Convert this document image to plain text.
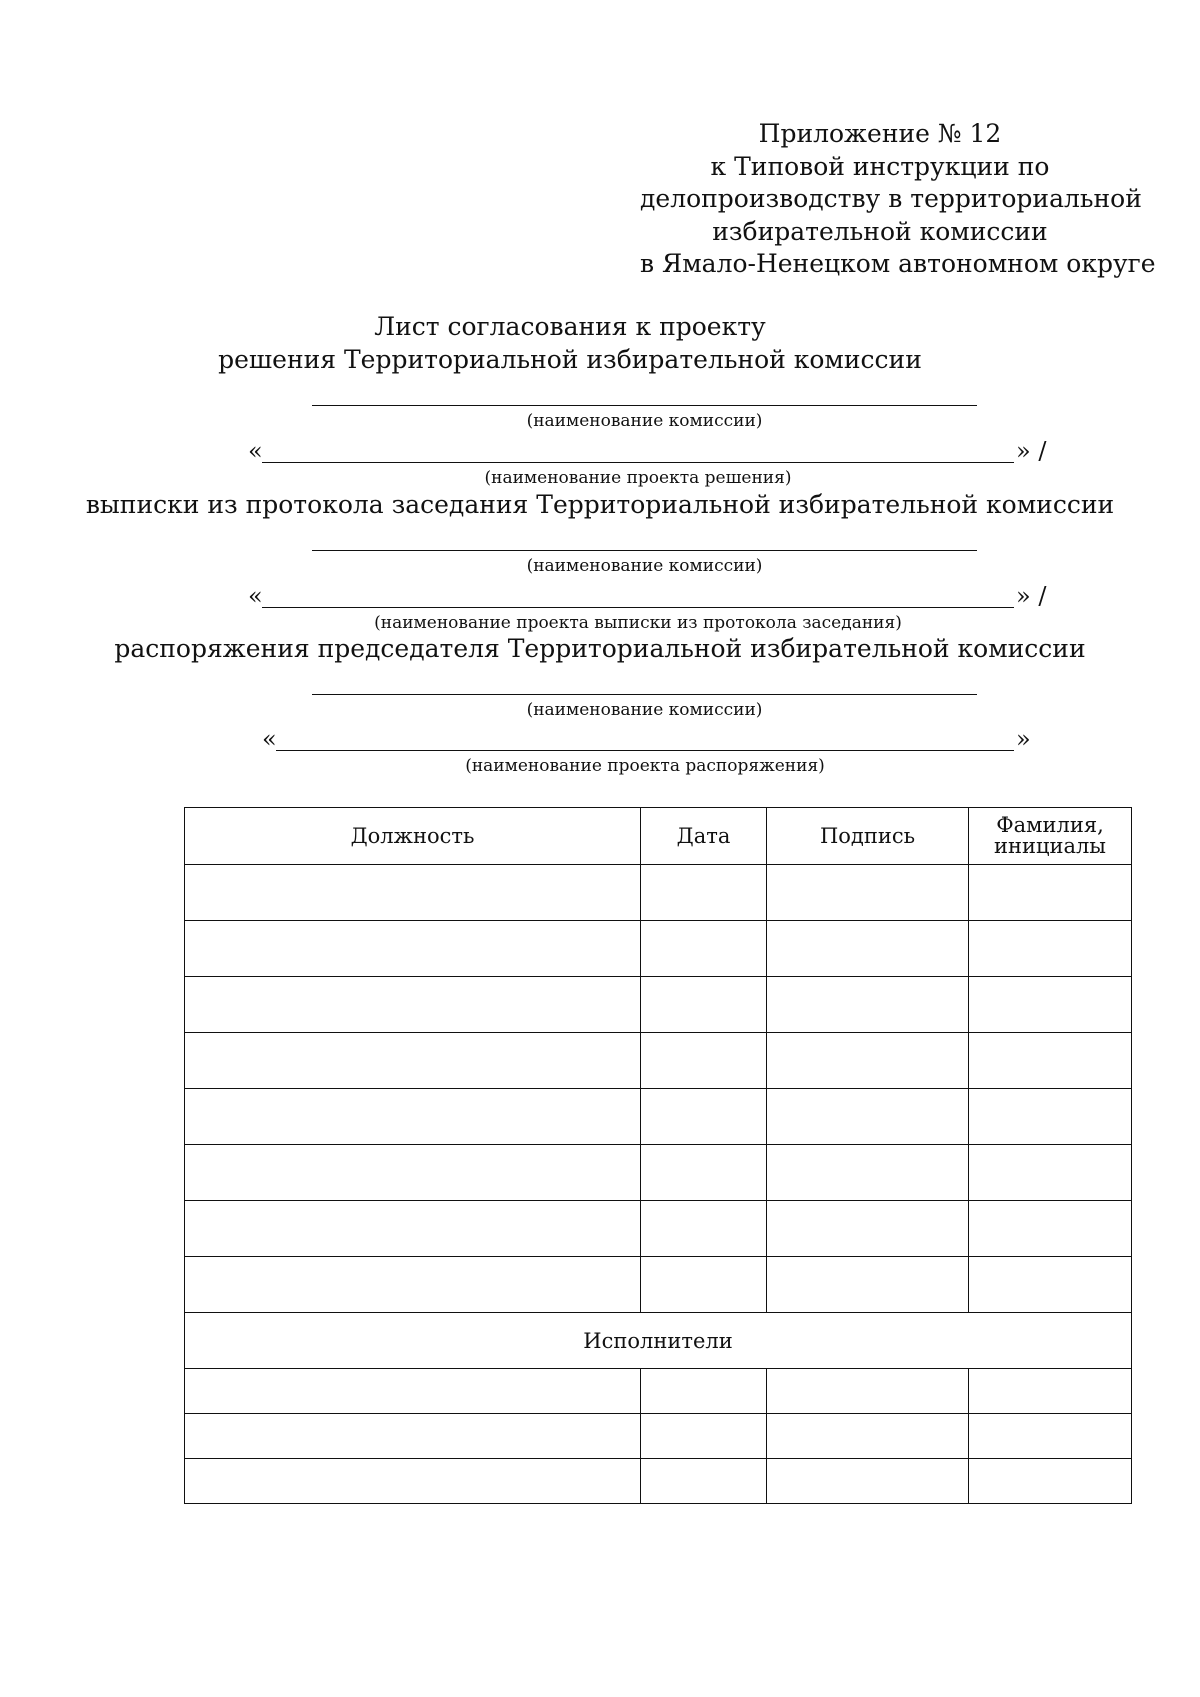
Приложение № 12
к Типовой инструкции по
делопроизводству в территориальной
избирательной комиссии
в Ямало-Ненецком автономном округе
Лист согласования к проекту
решения Территориальной избирательной комиссии
(наименование комиссии)
«	» /
(наименование проекта решения)
выписки из протокола заседания Территориальной избирательной комиссии
(наименование комиссии)
«	» /
(наименование проекта выписки из протокола заседания)
распоряжения председателя Территориальной избирательной комиссии
(наименование комиссии)
«	»
(наименование проекта распоряжения)
Должность	Дата	Подпись	Фамилия,
инициалы

Исполнители			
